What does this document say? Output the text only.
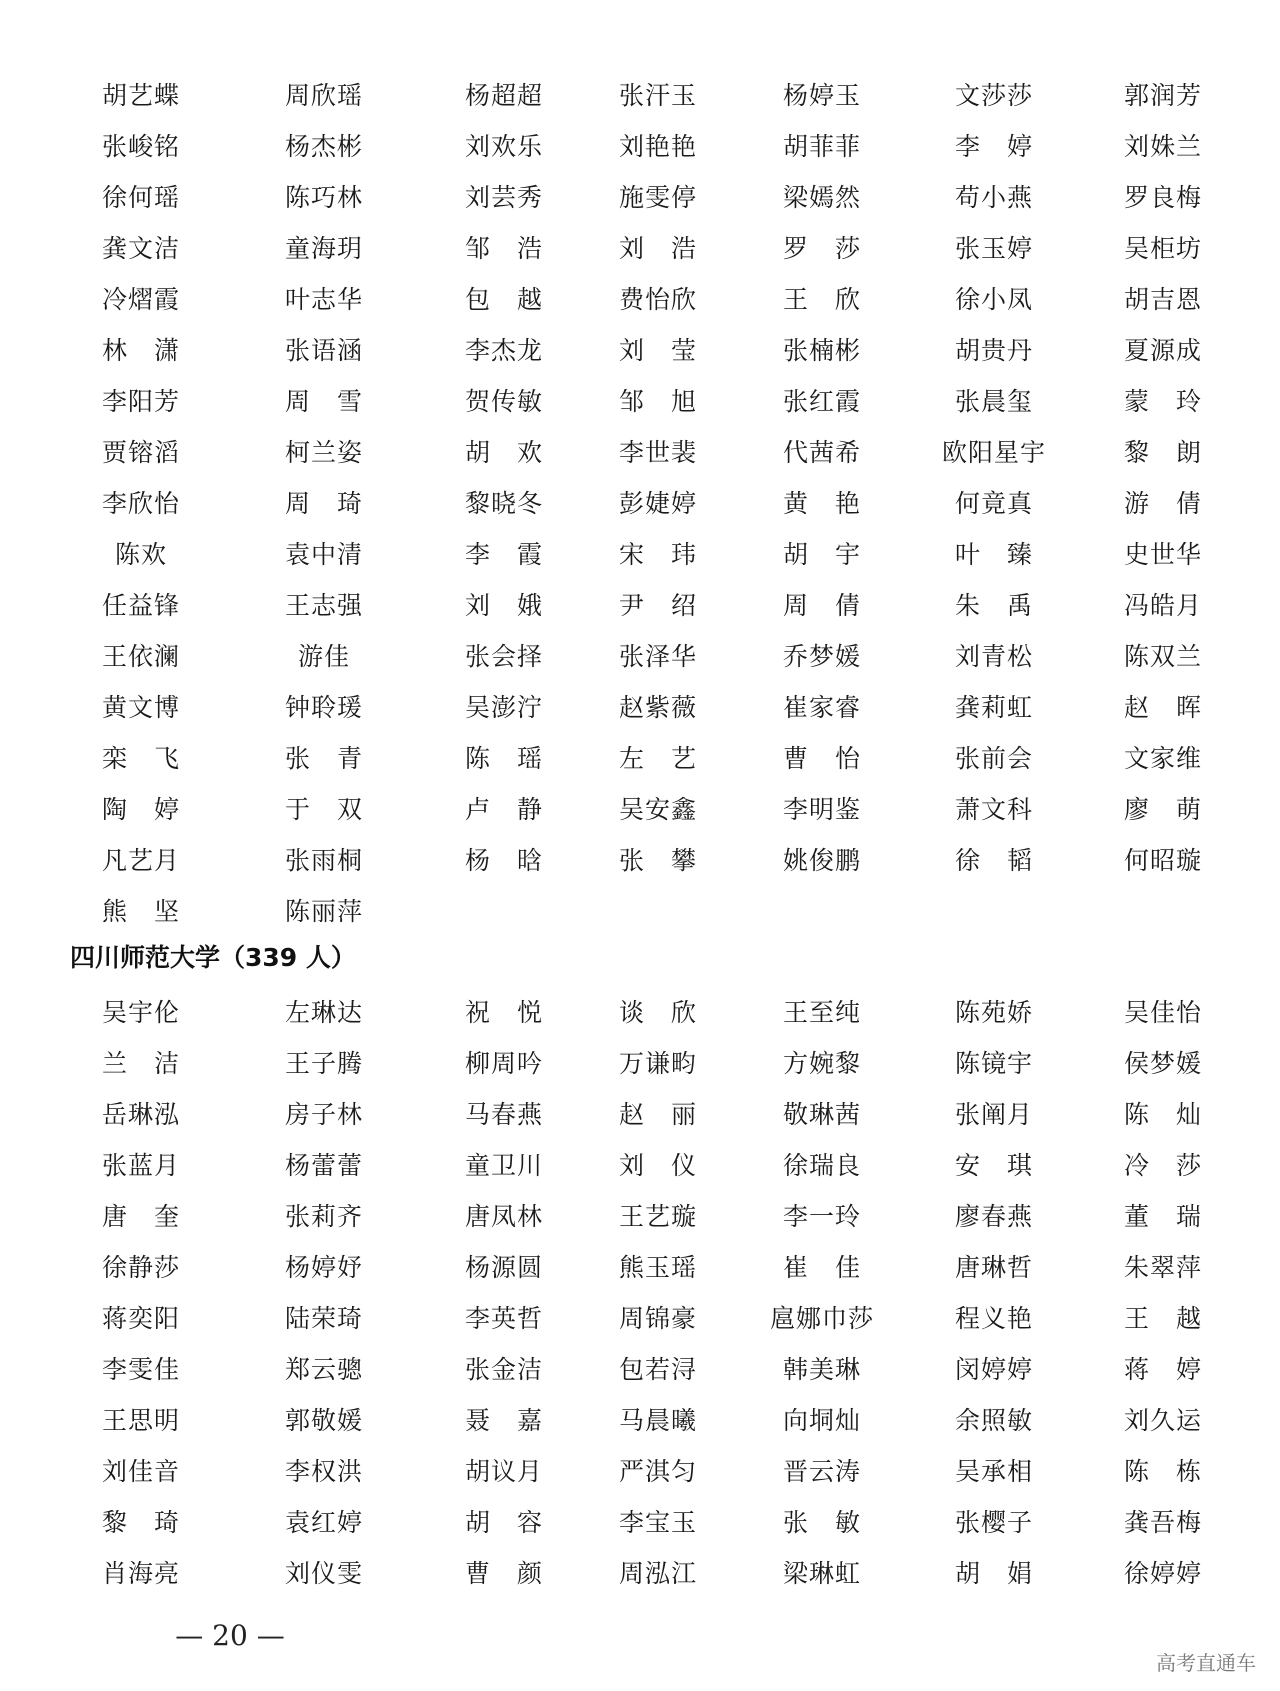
胡艺蝶	周欣瑶	杨超超	张汗玉	杨婷玉	文莎莎	郭润芳
张峻铭	杨杰彬	刘欢乐	刘艳艳	胡菲菲	李　婷	刘姝兰
徐何瑶	陈巧林	刘芸秀	施雯停	梁嫣然	苟小燕	罗良梅
龚文洁	童海玥	邹　浩	刘　浩	罗　莎	张玉婷	吴柜坊
冷熠霞	叶志华	包　越	费怡欣	王　欣	徐小凤	胡吉恩
林　潇	张语涵	李杰龙	刘　莹	张楠彬	胡贵丹	夏源成
李阳芳	周　雪	贺传敏	邹　旭	张红霞	张晨玺	蒙　玲
贾镕滔	柯兰姿	胡　欢	李世裴	代茜希	欧阳星宇	黎　朗
李欣怡	周　琦	黎晓冬	彭婕婷	黄　艳	何竟真	游　倩
陈欢	袁中清	李　霞	宋　玮	胡　宇	叶　臻	史世华
任益锋	王志强	刘　娥	尹　绍	周　倩	朱　禹	冯皓月
王依澜	游佳	张会择	张泽华	乔梦媛	刘青松	陈双兰
黄文博	钟聆瑗	吴澎泞	赵紫薇	崔家睿	龚莉虹	赵　晖
栾　飞	张　青	陈　瑶	左　艺	曹　怡	张前会	文家维
陶　婷	于　双	卢　静	吴安鑫	李明鉴	萧文科	廖　萌
凡艺月	张雨桐	杨　晗	张　攀	姚俊鹏	徐　韬	何昭璇
熊　坚	陈丽萍
四川师范大学（339 人）
吴宇伦	左琳达	祝　悦	谈　欣	王至纯	陈苑娇	吴佳怡
兰　洁	王子腾	柳周吟	万谦畇	方婉黎	陈镜宇	侯梦媛
岳琳泓	房子林	马春燕	赵　丽	敬琳茜	张阐月	陈　灿
张蓝月	杨蕾蕾	童卫川	刘　仪	徐瑞良	安　琪	冷　莎
唐　奎	张莉齐	唐凤林	王艺璇	李一玲	廖春燕	董　瑞
徐静莎	杨婷妤	杨源圆	熊玉瑶	崔　佳	唐琳哲	朱翠萍
蒋奕阳	陆荣琦	李英哲	周锦豪	扈娜巾莎	程义艳	王　越
李雯佳	郑云骢	张金洁	包若浔	韩美琳	闵婷婷	蒋　婷
王思明	郭敬媛	聂　嘉	马晨曦	向垌灿	余照敏	刘久运
刘佳音	李权洪	胡议月	严淇匀	晋云涛	吴承相	陈　栋
黎　琦	袁红婷	胡　容	李宝玉	张　敏	张樱子	龚吾梅
肖海亮	刘仪雯	曹　颜	周泓江	梁琳虹	胡　娟	徐婷婷
— 20 —
高考直通车
